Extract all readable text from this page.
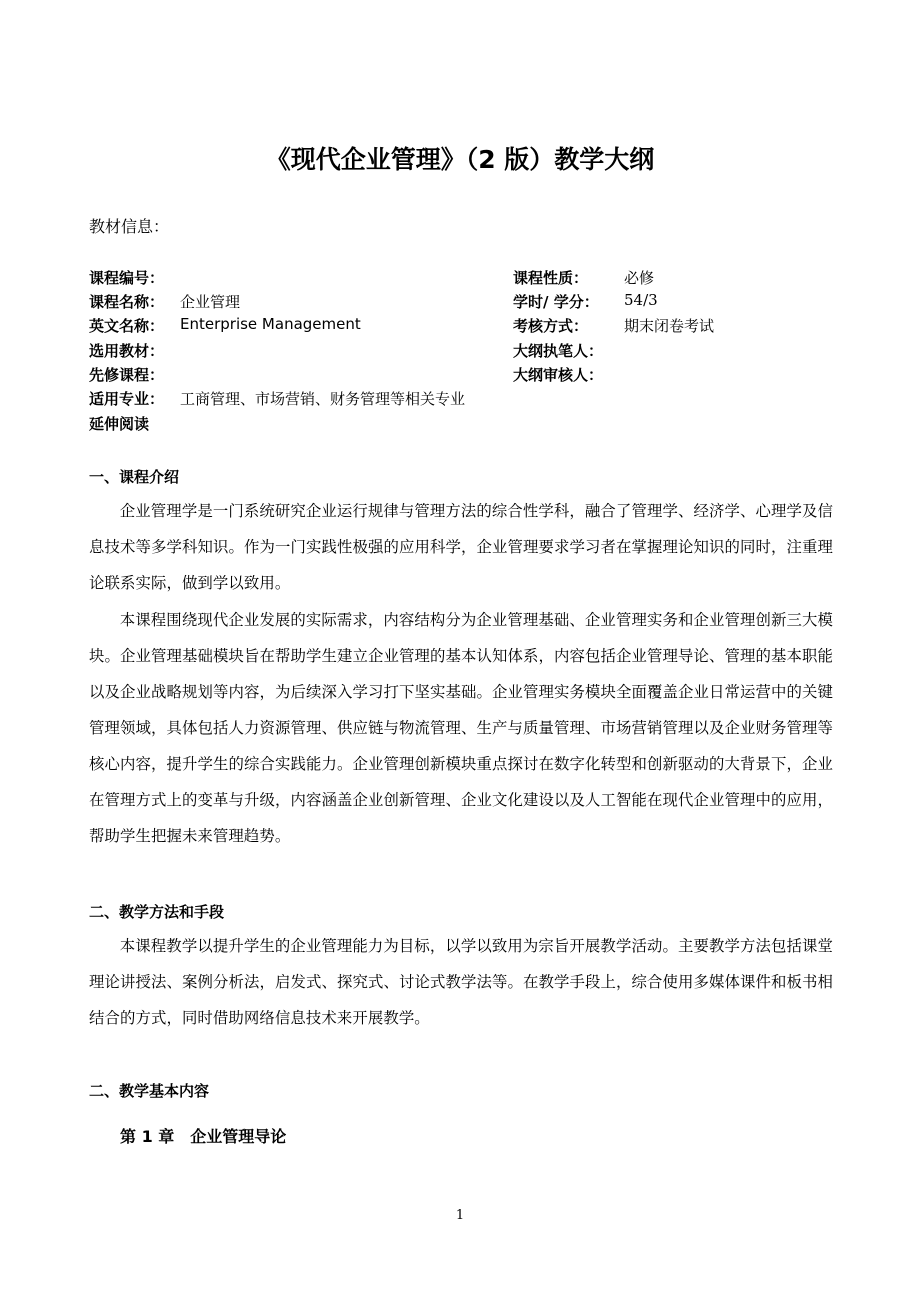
《现代企业管理》（2 版）教学大纲
教材信息：
课程编号：
课程名称： 企业管理
英文名称： Enterprise Management
选用教材：
先修课程：
适用专业： 工商管理、市场营销、财务管理等相关专业
延伸阅读
课程性质： 必修
学时/ 学分： 54/3
考核方式： 期末闭卷考试
大纲执笔人：
大纲审核人：
一、课程介绍
企业管理学是一门系统研究企业运行规律与管理方法的综合性学科，融合了管理学、经济学、心理学及信息技术等多学科知识。作为一门实践性极强的应用科学，企业管理要求学习者在掌握理论知识的同时，注重理论联系实际，做到学以致用。
本课程围绕现代企业发展的实际需求，内容结构分为企业管理基础、企业管理实务和企业管理创新三大模块。企业管理基础模块旨在帮助学生建立企业管理的基本认知体系，内容包括企业管理导论、管理的基本职能以及企业战略规划等内容，为后续深入学习打下坚实基础。企业管理实务模块全面覆盖企业日常运营中的关键管理领域，具体包括人力资源管理、供应链与物流管理、生产与质量管理、市场营销管理以及企业财务管理等核心内容，提升学生的综合实践能力。企业管理创新模块重点探讨在数字化转型和创新驱动的大背景下，企业在管理方式上的变革与升级，内容涵盖企业创新管理、企业文化建设以及人工智能在现代企业管理中的应用，帮助学生把握未来管理趋势。
二、教学方法和手段
本课程教学以提升学生的企业管理能力为目标，以学以致用为宗旨开展教学活动。主要教学方法包括课堂理论讲授法、案例分析法，启发式、探究式、讨论式教学法等。在教学手段上，综合使用多媒体课件和板书相结合的方式，同时借助网络信息技术来开展教学。
二、教学基本内容
第 1 章　企业管理导论
1
